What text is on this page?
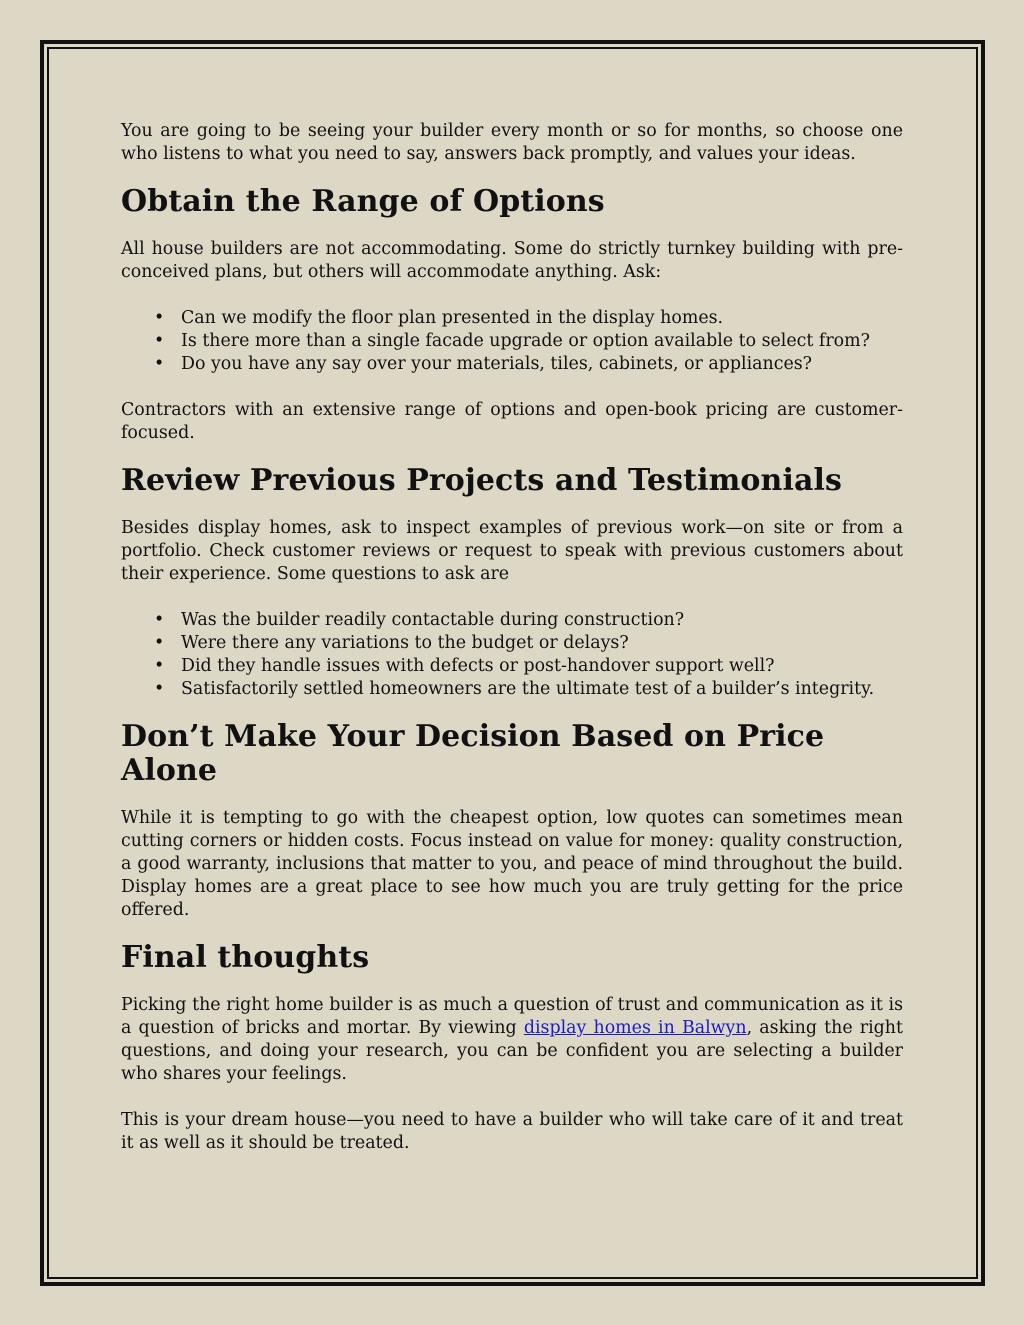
You are going to be seeing your builder every month or so for months, so choose one who listens to what you need to say, answers back promptly, and values your ideas.

Obtain the Range of Options

All house builders are not accommodating. Some do strictly turnkey building with pre-conceived plans, but others will accommodate anything. Ask:

• Can we modify the floor plan presented in the display homes.
• Is there more than a single facade upgrade or option available to select from?
• Do you have any say over your materials, tiles, cabinets, or appliances?

Contractors with an extensive range of options and open-book pricing are customer-focused.

Review Previous Projects and Testimonials

Besides display homes, ask to inspect examples of previous work—on site or from a portfolio. Check customer reviews or request to speak with previous customers about their experience. Some questions to ask are

• Was the builder readily contactable during construction?
• Were there any variations to the budget or delays?
• Did they handle issues with defects or post-handover support well?
• Satisfactorily settled homeowners are the ultimate test of a builder’s integrity.
Don’t Make Your Decision Based on Price Alone

While it is tempting to go with the cheapest option, low quotes can sometimes mean cutting corners or hidden costs. Focus instead on value for money: quality construction, a good warranty, inclusions that matter to you, and peace of mind throughout the build. Display homes are a great place to see how much you are truly getting for the price offered.

Final thoughts

Picking the right home builder is as much a question of trust and communication as it is a question of bricks and mortar. By viewing display homes in Balwyn, asking the right questions, and doing your research, you can be confident you are selecting a builder who shares your feelings.

This is your dream house—you need to have a builder who will take care of it and treat it as well as it should be treated.
